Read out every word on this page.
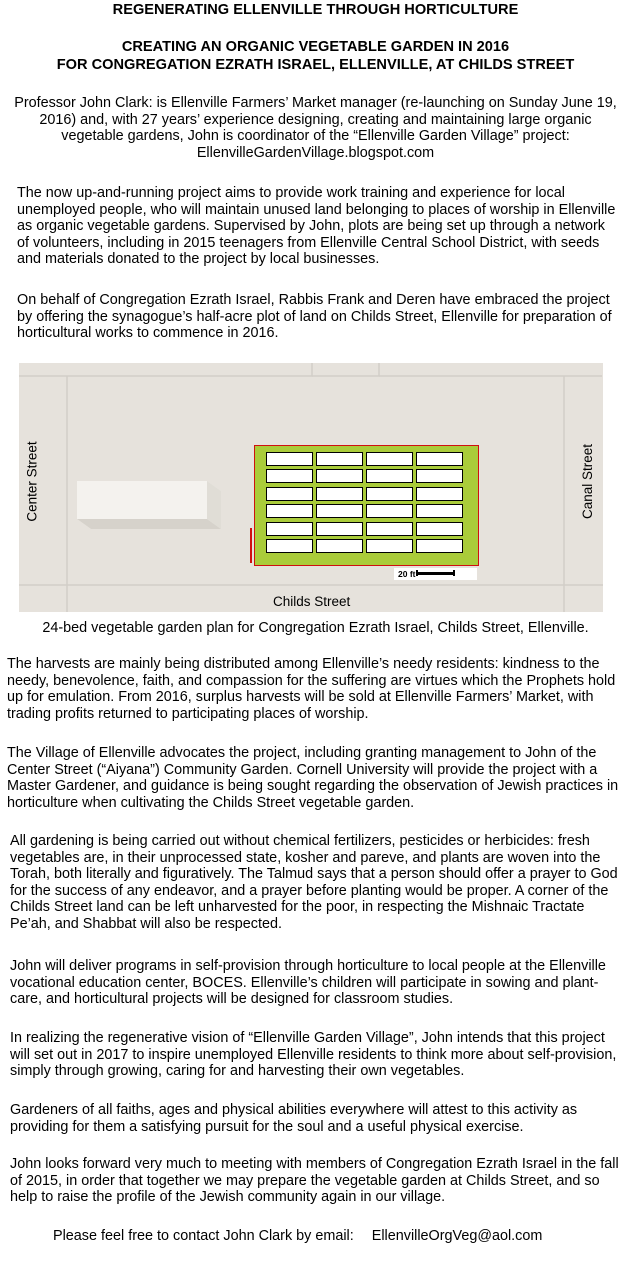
REGENERATING ELLENVILLE THROUGH HORTICULTURE
CREATING AN ORGANIC VEGETABLE GARDEN IN 2016
FOR CONGREGATION EZRATH ISRAEL, ELLENVILLE, AT CHILDS STREET
Professor John Clark: is Ellenville Farmers’ Market manager (re-launching on Sunday June 19, 2016) and, with 27 years’ experience designing, creating and maintaining large organic vegetable gardens, John is coordinator of the “Ellenville Garden Village” project:
EllenvilleGardenVillage.blogspot.com

The now up-and-running project aims to provide work training and experience for local unemployed people, who will maintain unused land belonging to places of worship in Ellenville as organic vegetable gardens. Supervised by John, plots are being set up through a network of volunteers, including in 2015 teenagers from Ellenville Central School District, with seeds and materials donated to the project by local businesses.

On behalf of Congregation Ezrath Israel, Rabbis Frank and Deren have embraced the project by offering the synagogue’s half-acre plot of land on Childs Street, Ellenville for preparation of horticultural works to commence in 2016.

Center Street	Canal Street
Childs Street
20 ft
24-bed vegetable garden plan for Congregation Ezrath Israel, Childs Street, Ellenville.

The harvests are mainly being distributed among Ellenville’s needy residents: kindness to the needy, benevolence, faith, and compassion for the suffering are virtues which the Prophets hold up for emulation. From 2016, surplus harvests will be sold at Ellenville Farmers’ Market, with trading profits returned to participating places of worship.

The Village of Ellenville advocates the project, including granting management to John of the Center Street (“Aiyana”) Community Garden. Cornell University will provide the project with a Master Gardener, and guidance is being sought regarding the observation of Jewish practices in horticulture when cultivating the Childs Street vegetable garden.

All gardening is being carried out without chemical fertilizers, pesticides or herbicides: fresh vegetables are, in their unprocessed state, kosher and pareve, and plants are woven into the Torah, both literally and figuratively. The Talmud says that a person should offer a prayer to God for the success of any endeavor, and a prayer before planting would be proper. A corner of the Childs Street land can be left unharvested for the poor, in respecting the Mishnaic Tractate Pe’ah, and Shabbat will also be respected.

John will deliver programs in self-provision through horticulture to local people at the Ellenville vocational education center, BOCES. Ellenville’s children will participate in sowing and plant-care, and horticultural projects will be designed for classroom studies.

In realizing the regenerative vision of “Ellenville Garden Village”, John intends that this project will set out in 2017 to inspire unemployed Ellenville residents to think more about self-provision, simply through growing, caring for and harvesting their own vegetables.

Gardeners of all faiths, ages and physical abilities everywhere will attest to this activity as providing for them a satisfying pursuit for the soul and a useful physical exercise.

John looks forward very much to meeting with members of Congregation Ezrath Israel in the fall of 2015, in order that together we may prepare the vegetable garden at Childs Street, and so help to raise the profile of the Jewish community again in our village.

Please feel free to contact John Clark by email: EllenvilleOrgVeg@aol.com
